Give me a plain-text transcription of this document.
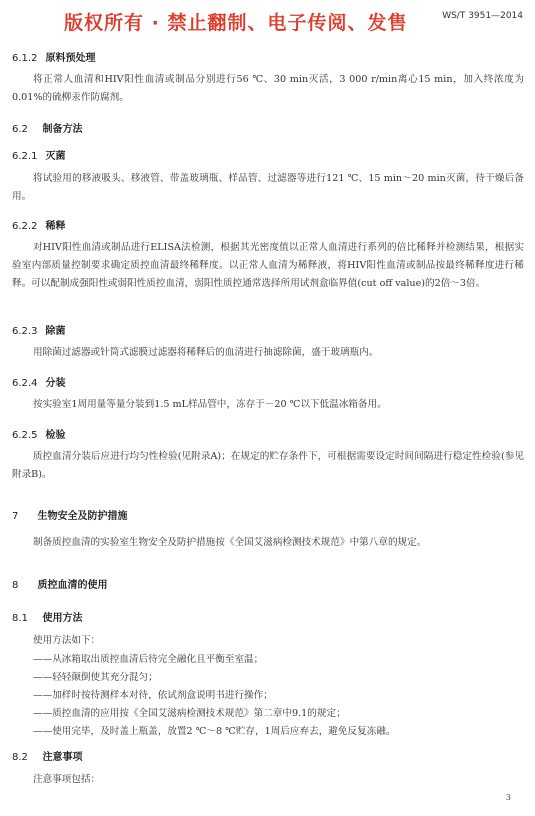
版权所有 · 禁止翻制、电子传阅、发售	WS/T 3951—2014
6.1.2 原料预处理
将正常人血清和HIV阳性血清或制品分别进行56 ℃、30 min灭活，3 000 r/min离心15 min，加入终浓度为0.01%的硫柳汞作防腐剂。
6.2 制备方法
6.2.1 灭菌
将试验用的移液吸头、移液管、带盖玻璃瓶、样品管、过滤器等进行121 ℃、15 min～20 min灭菌，待干燥后备用。
6.2.2 稀释
对HIV阳性血清或制品进行ELISA法检测，根据其光密度值以正常人血清进行系列的倍比稀释并检测结果，根据实验室内部质量控制要求确定质控血清最终稀释度。以正常人血清为稀释液，将HIV阳性血清或制品按最终稀释度进行稀释。可以配制成强阳性或弱阳性质控血清，弱阳性质控通常选择所用试剂盒临界值(cut off value)的2倍～3倍。
6.2.3 除菌
用除菌过滤器或针筒式滤膜过滤器将稀释后的血清进行抽滤除菌，盛于玻璃瓶内。
6.2.4 分装
按实验室1周用量等量分装到1.5 mL样品管中，冻存于－20 ℃以下低温冰箱备用。
6.2.5 检验
质控血清分装后应进行均匀性检验(见附录A)；在规定的贮存条件下，可根据需要设定时间间隔进行稳定性检验(参见附录B)。
7 生物安全及防护措施
制备质控血清的实验室生物安全及防护措施按《全国艾滋病检测技术规范》中第八章的规定。
8 质控血清的使用
8.1 使用方法
使用方法如下：
——从冰箱取出质控血清后待完全融化且平衡至室温；
——轻轻颠倒使其充分混匀；
——加样时按待测样本对待，依试剂盒说明书进行操作；
——质控血清的应用按《全国艾滋病检测技术规范》第二章中9.1的规定；
——使用完毕，及时盖上瓶盖，放置2 ℃～8 ℃贮存，1周后应弃去，避免反复冻融。
8.2 注意事项
注意事项包括：
3
